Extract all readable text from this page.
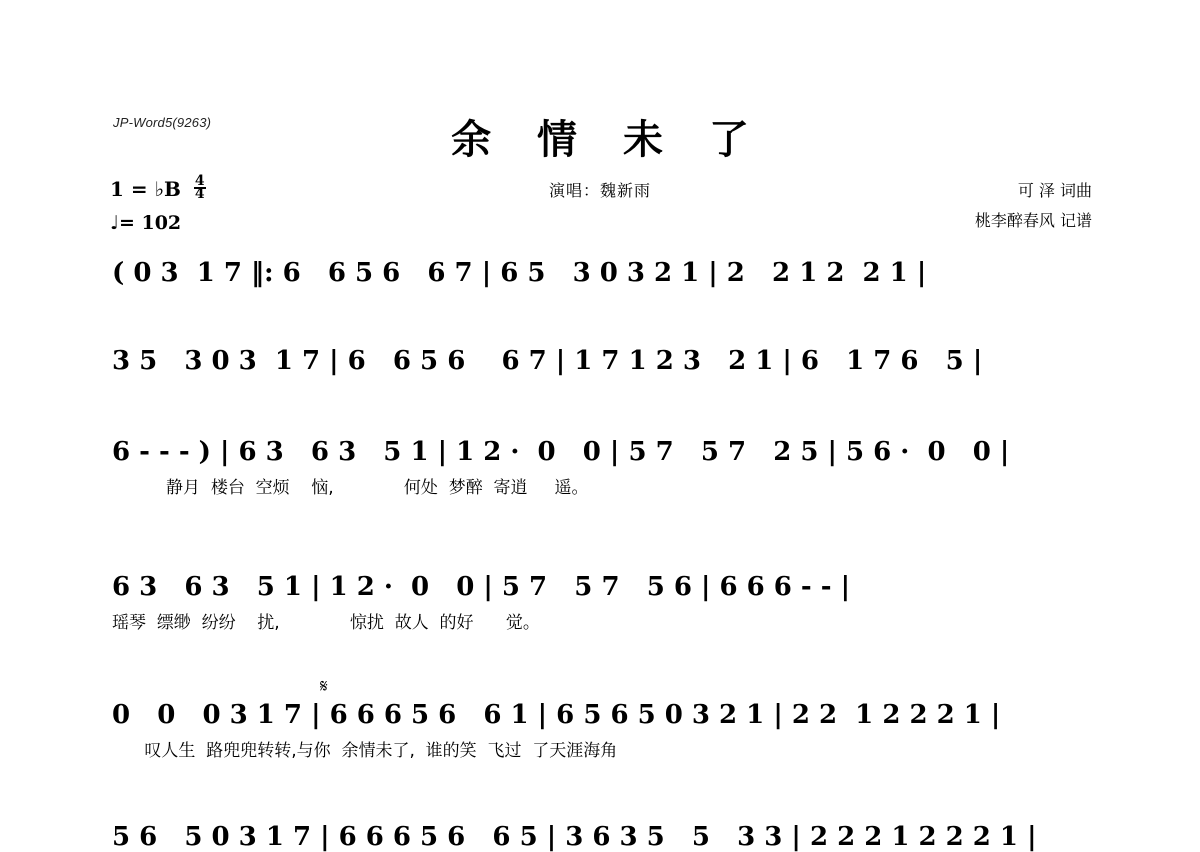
JP-Word5(9263)	余 情 未 了
演唱：魏新雨	可 泽 词曲
桃李醉春风 记谱
1 = ♭B $\frac{4}{4}$
♩= 102
( 0 3  1 7 ‖: 6   6 5 6   6 7 | 6 5   3 0 3 2 1 | 2   2 1 2  2 1 |
3 5   3 0 3  1 7 | 6   6 5 6    6 7 | 1 7 1 2 3   2 1 | 6   1 7 6   5 |
6 - - - ) | 6 3   6 3   5 1 | 1 2 ·  0   0 | 5 7   5 7   2 5 | 5 6 ·  0   0 |
静月  楼台  空烦    恼,             何处  梦醉  寄逍     遥。
6 3   6 3   5 1 | 1 2 ·  0   0 | 5 7   5 7   5 6 | 6 6 6 - - |
瑶琴  缥缈  纷纷    扰,             惊扰  故人  的好      觉。
𝄋
0   0   0 3 1 7 | 6 6 6 5 6   6 1 | 6 5 6 5 0 3 2 1 | 2 2  1 2 2 2 1 |
叹人生  路兜兜转转,与你  余情未了,  谁的笑  飞过  了天涯海角
5 6   5 0 3 1 7 | 6 6 6 5 6   6 5 | 3 6 3 5   5   3 3 | 2 2 2 1 2 2 2 1 |
